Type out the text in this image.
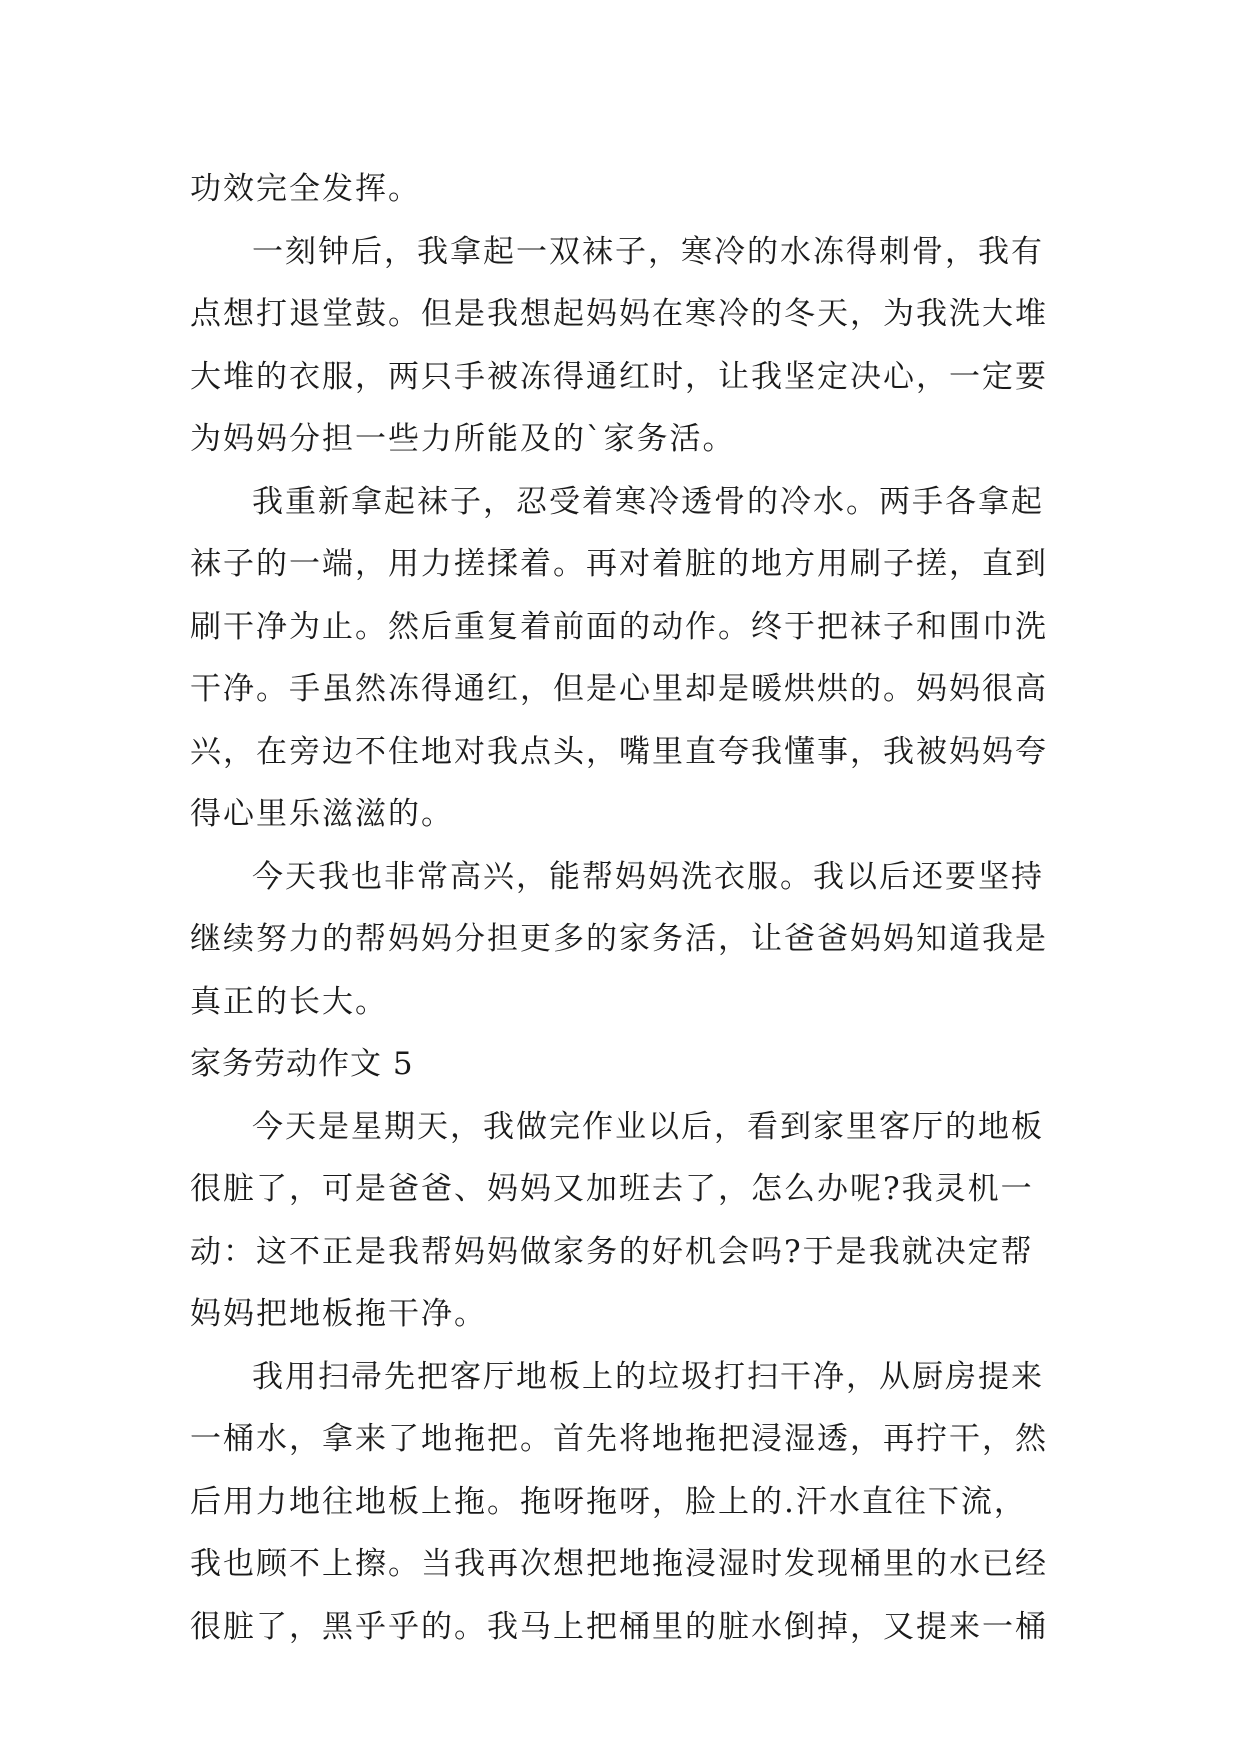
功效完全发挥。
一刻钟后，我拿起一双袜子，寒冷的水冻得刺骨，我有
点想打退堂鼓。但是我想起妈妈在寒冷的冬天，为我洗大堆
大堆的衣服，两只手被冻得通红时，让我坚定决心，一定要
为妈妈分担一些力所能及的`家务活。
我重新拿起袜子，忍受着寒冷透骨的冷水。两手各拿起
袜子的一端，用力搓揉着。再对着脏的地方用刷子搓，直到
刷干净为止。然后重复着前面的动作。终于把袜子和围巾洗
干净。手虽然冻得通红，但是心里却是暖烘烘的。妈妈很高
兴，在旁边不住地对我点头，嘴里直夸我懂事，我被妈妈夸
得心里乐滋滋的。
今天我也非常高兴，能帮妈妈洗衣服。我以后还要坚持
继续努力的帮妈妈分担更多的家务活，让爸爸妈妈知道我是
真正的长大。
家务劳动作文 5
今天是星期天，我做完作业以后，看到家里客厅的地板
很脏了，可是爸爸、妈妈又加班去了，怎么办呢?我灵机一
动：这不正是我帮妈妈做家务的好机会吗?于是我就决定帮
妈妈把地板拖干净。
我用扫帚先把客厅地板上的垃圾打扫干净，从厨房提来
一桶水，拿来了地拖把。首先将地拖把浸湿透，再拧干，然
后用力地往地板上拖。拖呀拖呀，脸上的.汗水直往下流，
我也顾不上擦。当我再次想把地拖浸湿时发现桶里的水已经
很脏了，黑乎乎的。我马上把桶里的脏水倒掉，又提来一桶
